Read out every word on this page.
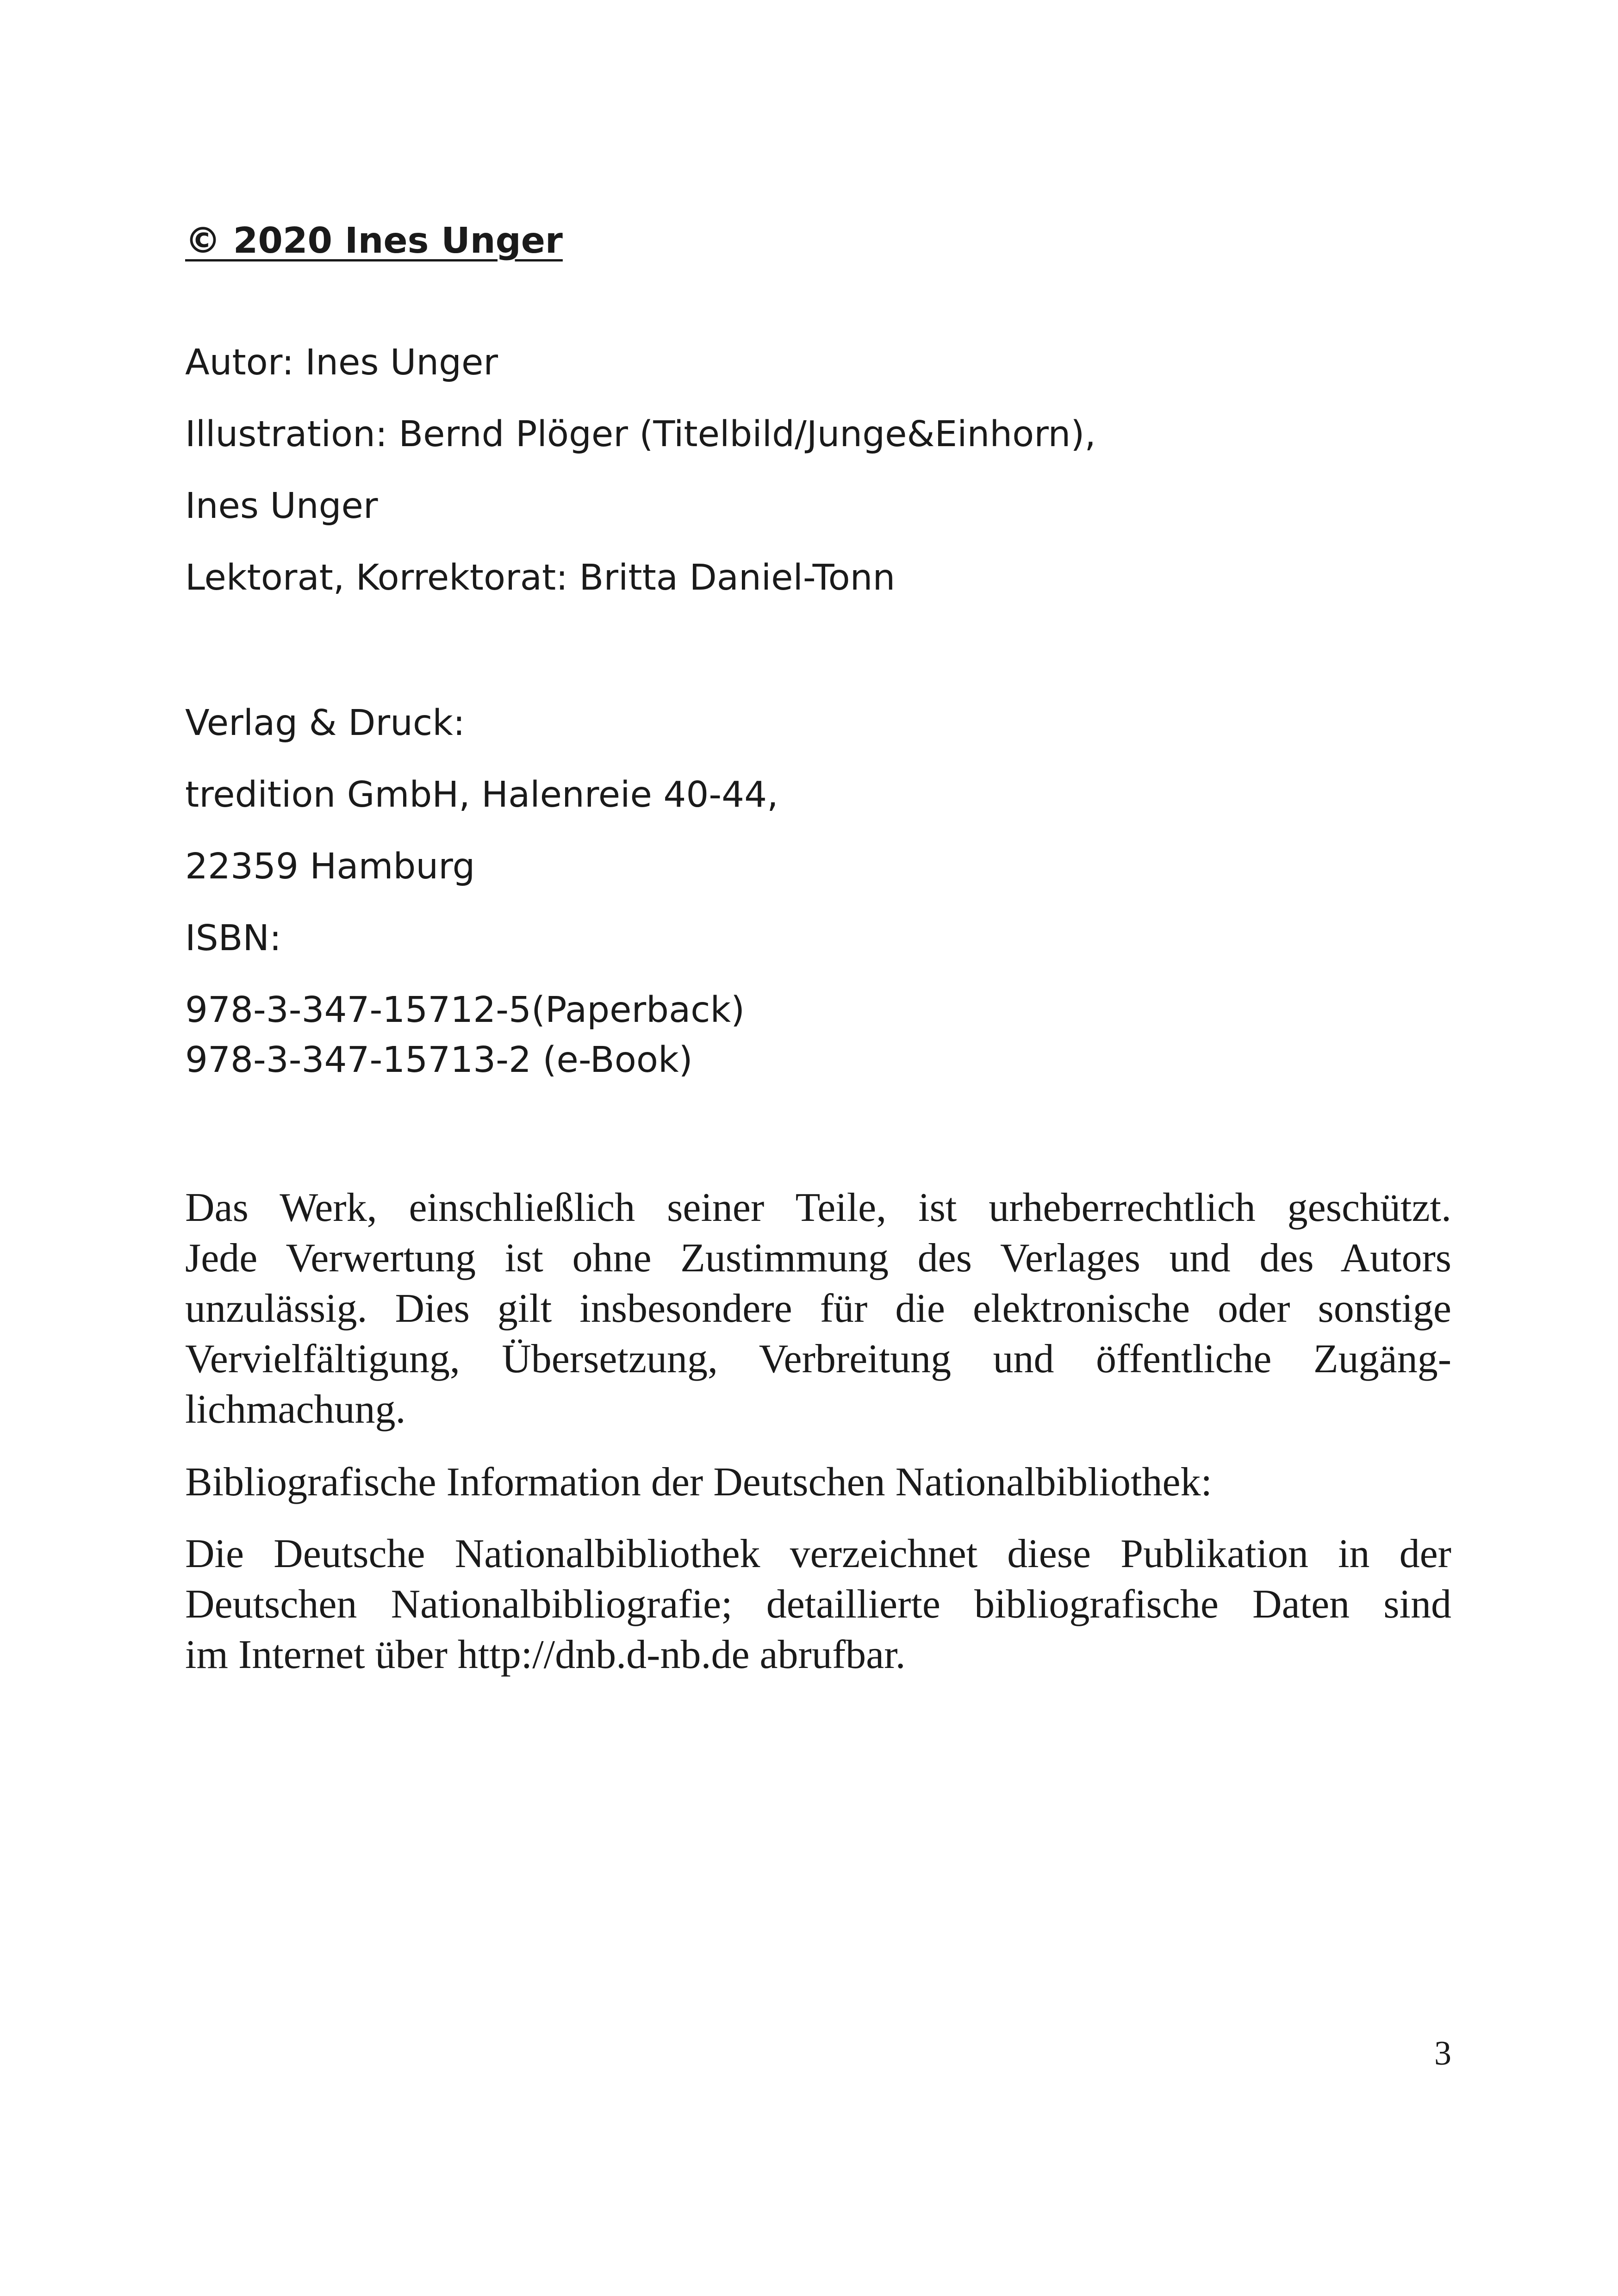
© 2020 Ines Unger
Autor: Ines Unger
Illustration: Bernd Plöger (Titelbild/Junge&Einhorn),
Ines Unger
Lektorat, Korrektorat: Britta Daniel-Tonn
Verlag & Druck:
tredition GmbH, Halenreie 40-44,
22359 Hamburg
ISBN:
978-3-347-15712-5(Paperback)
978-3-347-15713-2 (e-Book)
Das Werk, einschließlich seiner Teile, ist urheberrechtlich geschützt.
Jede Verwertung ist ohne Zustimmung des Verlages und des Autors
unzulässig. Dies gilt insbesondere für die elektronische oder sonstige
Vervielfältigung, Übersetzung, Verbreitung und öffentliche Zugäng-
lichmachung.
Bibliografische Information der Deutschen Nationalbibliothek:
Die Deutsche Nationalbibliothek verzeichnet diese Publikation in der
Deutschen Nationalbibliografie; detaillierte bibliografische Daten sind
im Internet über http://dnb.d-nb.de abrufbar.
3
